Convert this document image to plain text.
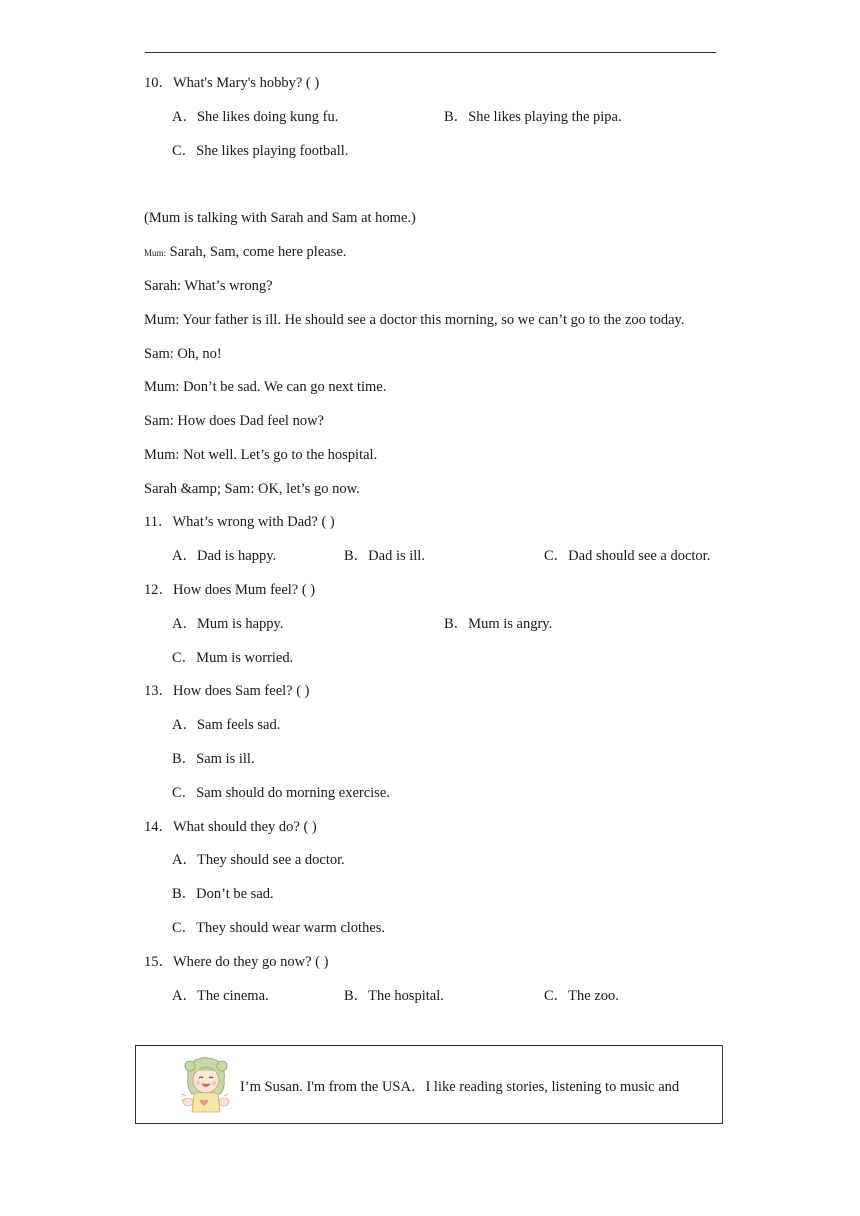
10．What's Mary's hobby? ( )
A．She likes doing kung fu.	B．She likes playing the pipa.
C．She likes playing football.
(Mum is talking with Sarah and Sam at home.)
Mum: Sarah, Sam, come here please.
Sarah: What’s wrong?
Mum: Your father is ill. He should see a doctor this morning, so we can’t go to the zoo today.
Sam: Oh, no!
Mum: Don’t be sad. We can go next time.
Sam: How does Dad feel now?
Mum: Not well. Let’s go to the hospital.
Sarah &amp; Sam: OK, let’s go now.
11．What’s wrong with Dad? ( )
A．Dad is happy.	B．Dad is ill.	C．Dad should see a doctor.
12．How does Mum feel? ( )
A．Mum is happy.	B．Mum is angry.
C．Mum is worried.
13．How does Sam feel? ( )
A．Sam feels sad.
B．Sam is ill.
C．Sam should do morning exercise.
14．What should they do? ( )
A．They should see a doctor.
B．Don’t be sad.
C．They should wear warm clothes.
15．Where do they go now? ( )
A．The cinema.	B．The hospital.	C．The zoo.
I’m Susan. I'm from the USA．I like reading stories, listening to music and
